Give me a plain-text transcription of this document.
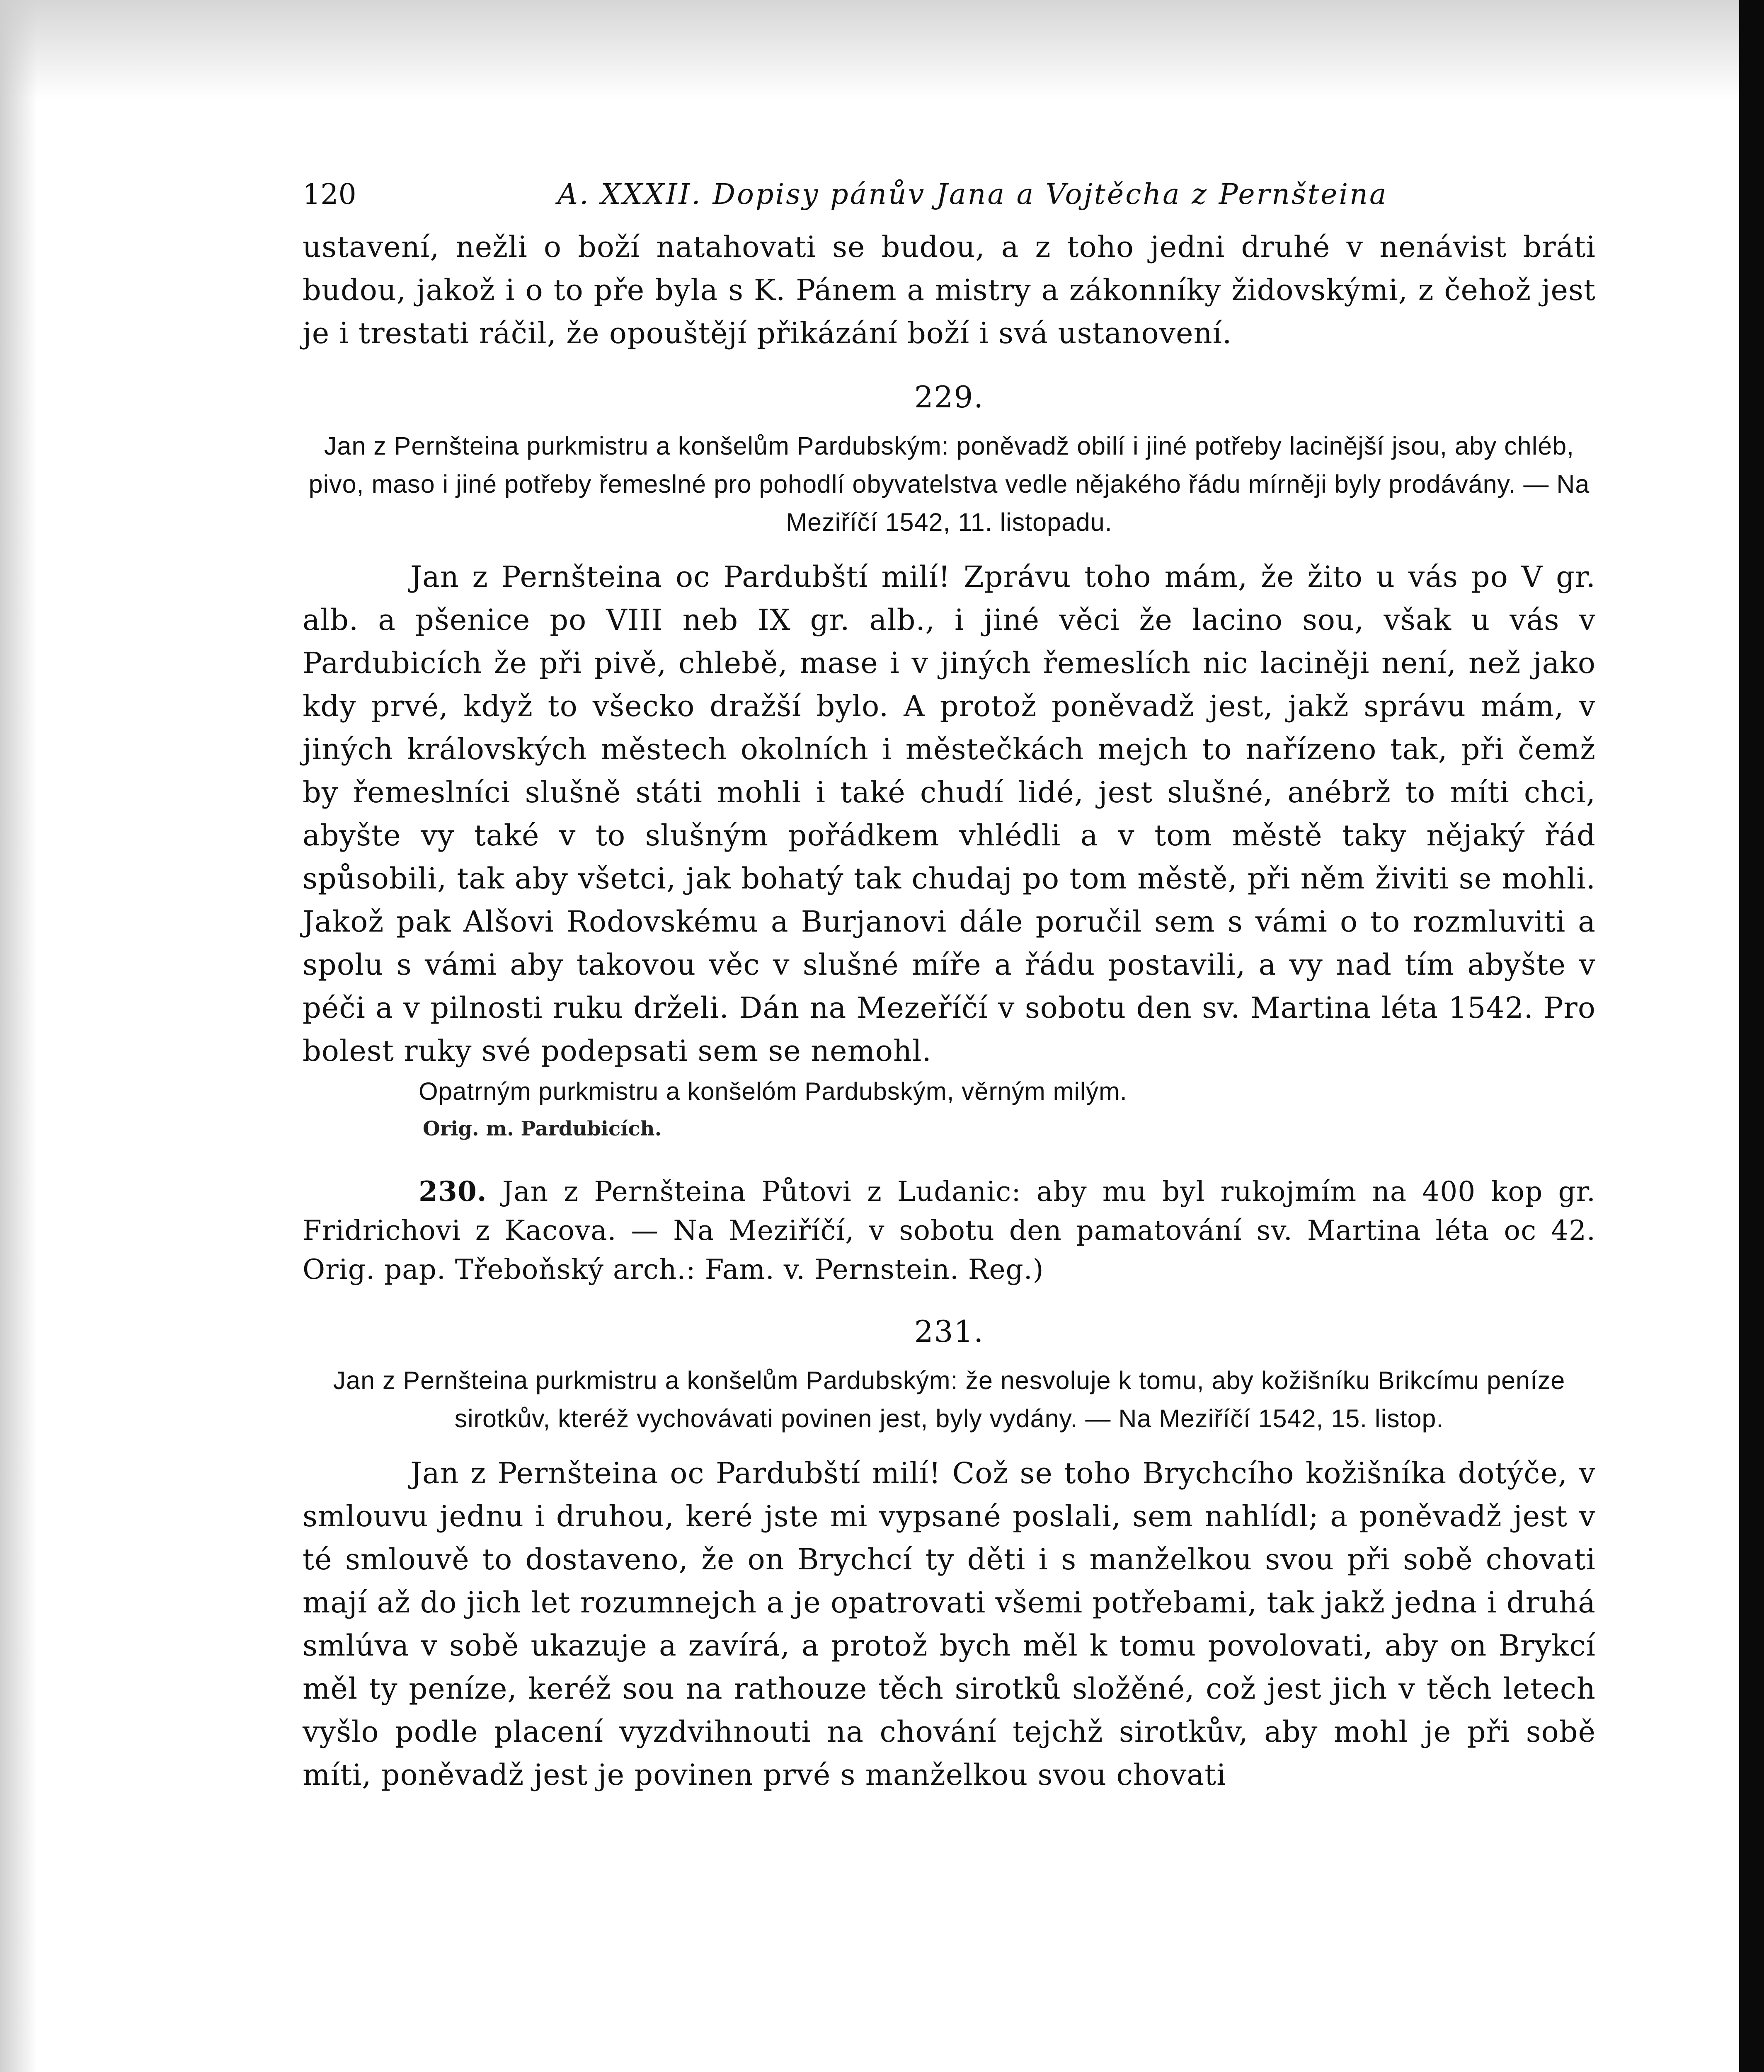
120	A. XXXII. Dopisy pánův Jana a Vojtěcha z Pernšteina

ustavení, nežli o boží natahovati se budou, a z toho jedni druhé v nenávist bráti budou, jakož i o to pře byla s K. Pánem a mistry a zákonníky židovskými, z čehož jest je i trestati ráčil, že opouštějí přikázání boží i svá ustanovení.

229.

Jan z Pernšteina purkmistru a konšelům Pardubským: poněvadž obilí i jiné potřeby lacinější jsou, aby chléb, pivo, maso i jiné potřeby řemeslné pro pohodlí obyvatelstva vedle nějakého řádu mírněji byly prodávány. — Na Meziříčí 1542, 11. listopadu.

Jan z Pernšteina oc Pardubští milí! Zprávu toho mám, že žito u vás po V gr. alb. a pšenice po VIII neb IX gr. alb., i jiné věci že lacino sou, však u vás v Pardubicích že při pivě, chlebě, mase i v jiných řemeslích nic laciněji není, než jako kdy prvé, když to všecko dražší bylo. A protož poněvadž jest, jakž správu mám, v jiných královských městech okolních i městečkách mejch to nařízeno tak, při čemž by řemeslníci slušně státi mohli i také chudí lidé, jest slušné, anébrž to míti chci, abyšte vy také v to slušným pořádkem vhlédli a v tom městě taky nějaký řád spůsobili, tak aby všetci, jak bohatý tak chudaj po tom městě, při něm živiti se mohli. Jakož pak Alšovi Rodovskému a Burjanovi dále poručil sem s vámi o to rozmluviti a spolu s vámi aby takovou věc v slušné míře a řádu postavili, a vy nad tím abyšte v péči a v pilnosti ruku drželi. Dán na Mezeříčí v sobotu den sv. Martina léta 1542. Pro bolest ruky své podepsati sem se nemohl.

Opatrným purkmistru a konšelóm Pardubským, věrným milým.

Orig. m. Pardubicích.

230. Jan z Pernšteina Půtovi z Ludanic: aby mu byl rukojmím na 400 kop gr. Fridrichovi z Kacova. — Na Meziříčí, v sobotu den pamatování sv. Martina léta oc 42. Orig. pap. Třeboňský arch.: Fam. v. Pernstein. Reg.)

231.

Jan z Pernšteina purkmistru a konšelům Pardubským: že nesvoluje k tomu, aby kožišníku Brikcímu peníze sirotkův, kteréž vychovávati povinen jest, byly vydány. — Na Meziříčí 1542, 15. listop.

Jan z Pernšteina oc Pardubští milí! Což se toho Brychcího kožišníka dotýče, v smlouvu jednu i druhou, keré jste mi vypsané poslali, sem nahlídl; a poněvadž jest v té smlouvě to dostaveno, že on Brychcí ty děti i s manželkou svou při sobě chovati mají až do jich let rozumnejch a je opatrovati všemi potřebami, tak jakž jedna i druhá smlúva v sobě ukazuje a zavírá, a protož bych měl k tomu povolovati, aby on Brykcí měl ty peníze, keréž sou na rathouze těch sirotků složěné, což jest jich v těch letech vyšlo podle placení vyzdvihnouti na chování tejchž sirotkův, aby mohl je při sobě míti, poněvadž jest je povinen prvé s manželkou svou chovati
